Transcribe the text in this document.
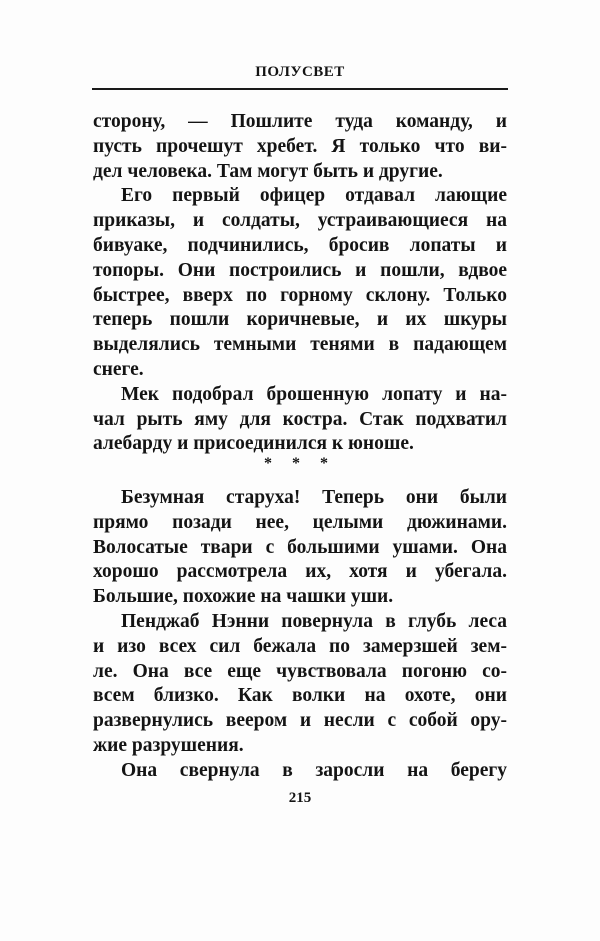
ПОЛУСВЕТ
сторону, — Пошлите туда команду, и
пусть прочешут хребет. Я только что ви-
дел человека. Там могут быть и другие.
Его первый офицер отдавал лающие
приказы, и солдаты, устраивающиеся на
бивуаке, подчинились, бросив лопаты и
топоры. Они построились и пошли, вдвое
быстрее, вверх по горному склону. Только
теперь пошли коричневые, и их шкуры
выделялись темными тенями в падающем
снеге.
Мек подобрал брошенную лопату и на-
чал рыть яму для костра. Стак подхватил
алебарду и присоединился к юноше.
* * *
Безумная старуха! Теперь они были
прямо позади нее, целыми дюжинами.
Волосатые твари с большими ушами. Она
хорошо рассмотрела их, хотя и убегала.
Большие, похожие на чашки уши.
Пенджаб Нэнни повернула в глубь леса
и изо всех сил бежала по замерзшей зем-
ле. Она все еще чувствовала погоню со-
всем близко. Как волки на охоте, они
развернулись веером и несли с собой ору-
жие разрушения.
Она свернула в заросли на берегу
215
